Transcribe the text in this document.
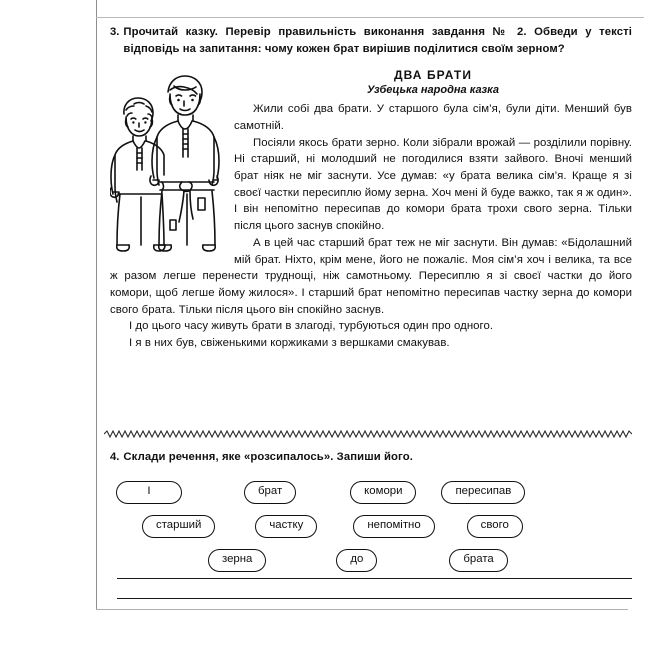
3. Прочитай казку. Перевір правильність виконання завдання № 2. Обведи у тексті відповідь на запитання: чому кожен брат вирішив поділитися своїм зерном?
ДВА БРАТИ
Узбецька народна казка

Жили собі два брати. У старшого була сім’я, були діти. Менший був самотній.

Посіяли якось брати зерно. Коли зібрали врожай — розділили порівну. Ні старший, ні молодший не погодилися взяти зайвого. Вночі менший брат ніяк не міг заснути. Усе думав: «у брата велика сім’я. Краще я зі своєї частки пересиплю йому зерна. Хоч мені й буде важко, так я ж один». І він непомітно пересипав до комори брата трохи свого зерна. Тільки після цього заснув спокійно.

А в цей час старший брат теж не міг заснути. Він думав: «Бідолашний мій брат. Ніхто, крім мене, його не пожаліє. Моя сім’я хоч і велика, та все ж разом легше перенести труднощі, ніж самотньому. Пересиплю я зі своєї частки до його комори, щоб легше йому жилося». І старший брат непомітно пересипав частку зерна до комори свого брата. Тільки після цього він спокійно заснув.

І до цього часу живуть брати в злагоді, турбуються один про одного.

І я в них був, свіженькими коржиками з вершками смакував.

4. Склади речення, яке «розсипалось». Запиши його.
І	брат	комори	пересипав
старший	частку	непомітно	свого
зерна	до	брата
